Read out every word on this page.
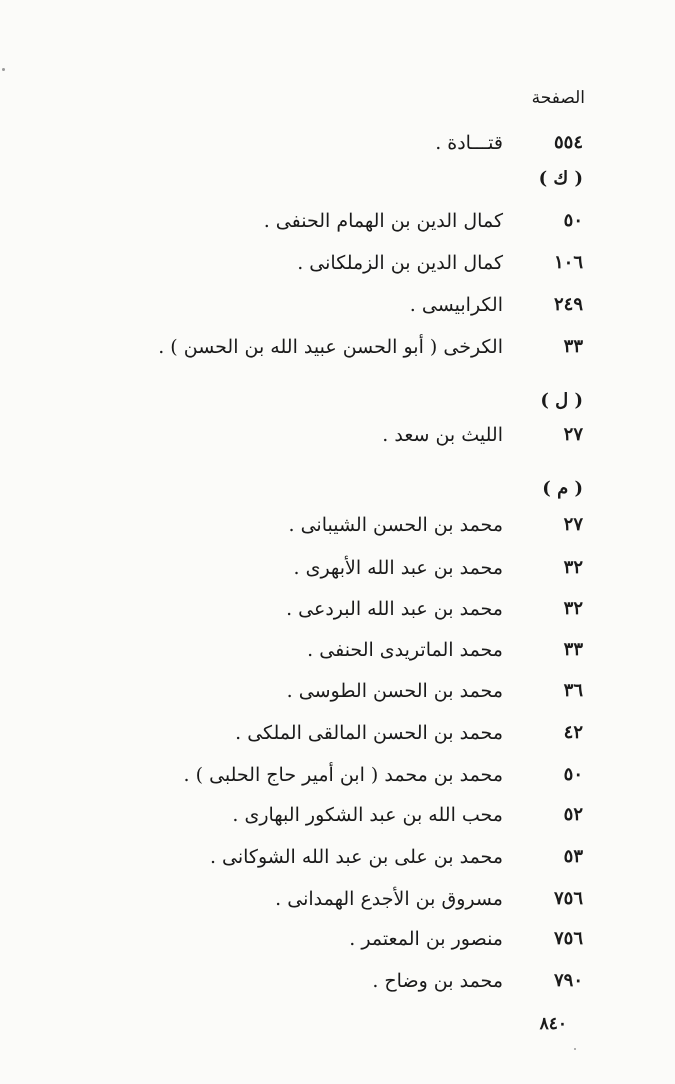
الصفحة
٥٥٤
قتـــادة .
( ك )
٥٠
كمال الدين بن الهمام الحنفى .
١٠٦
كمال الدين بن الزملكانى .
٢٤٩
الكرابيسى .
٣٣
الكرخى ( أبو الحسن عبيد الله بن الحسن ) .
( ل )
٢٧
الليث بن سعد .
( م )
٢٧
محمد بن الحسن الشيبانى .
٣٢
محمد بن عبد الله الأبهرى .
٣٢
محمد بن عبد الله البردعى .
٣٣
محمد الماتريدى الحنفى .
٣٦
محمد بن الحسن الطوسى .
٤٢
محمد بن الحسن المالقى الملكى .
٥٠
محمد بن محمد ( ابن أمير حاج الحلبى ) .
٥٢
محب الله بن عبد الشكور البهارى .
٥٣
محمد بن على بن عبد الله الشوكانى .
٧٥٦
مسروق بن الأجدع الهمدانى .
٧٥٦
منصور بن المعتمر .
٧٩٠
محمد بن وضاح .
٨٤٠
